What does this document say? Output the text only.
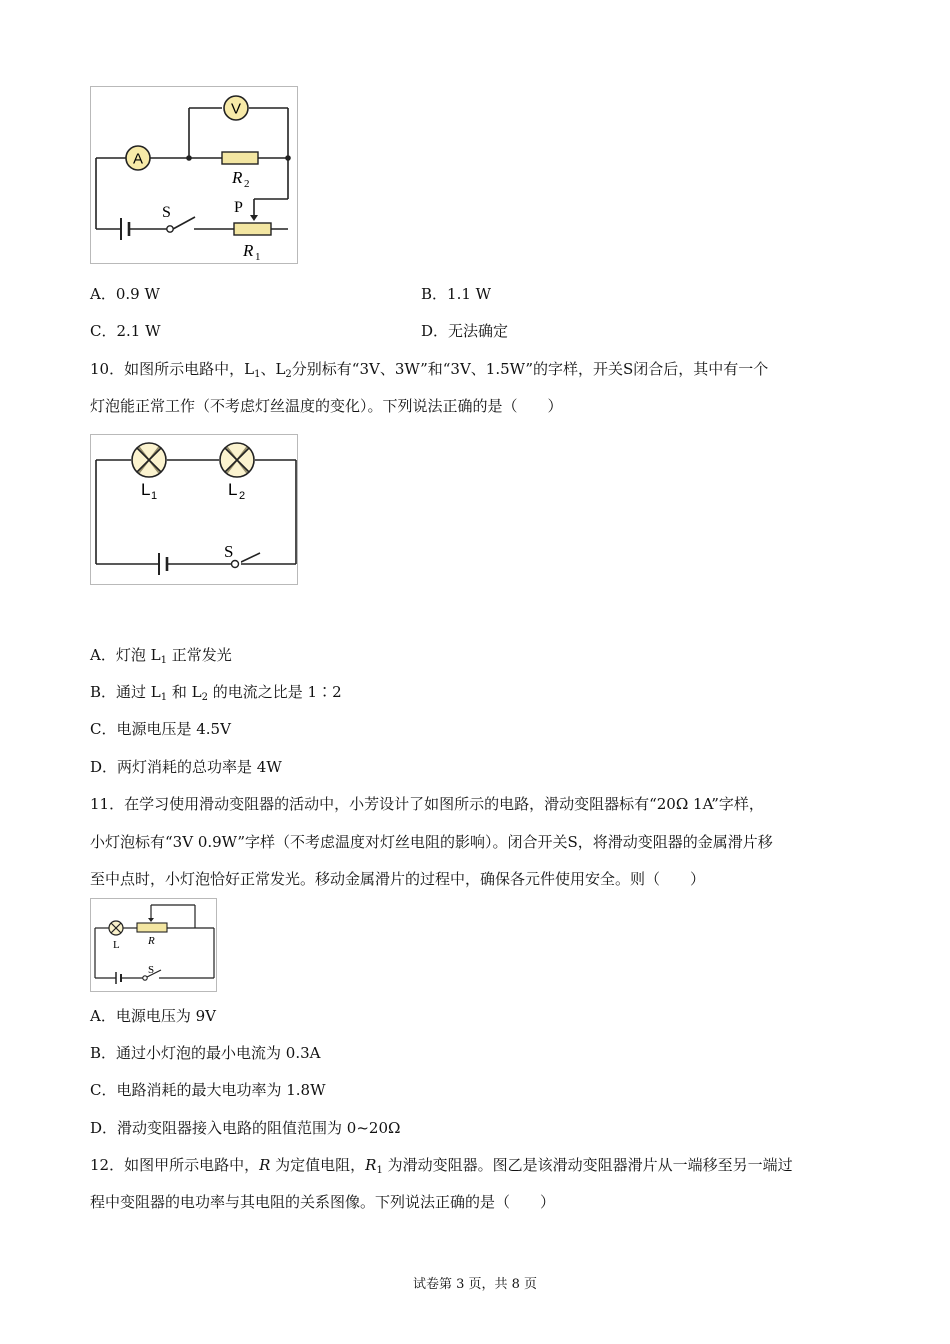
A
V
R 2
R 1
S	P
A．0.9 W	B．1.1 W
C．2.1 W	D．无法确定
10．如图所示电路中，$L_1$、$L_2$分别标有“3V、3W”和“3V、1.5W”的字样，开关S闭合后，其中有一个
灯泡能正常工作（不考虑灯丝温度的变化）。下列说法正确的是（　　）
L 1	L 2
S
A．灯泡 $L_1$ 正常发光
B．通过 $L_1$ 和 $L_2$ 的电流之比是 1∶2
C．电源电压是 4.5V
D．两灯消耗的总功率是 4W
11．在学习使用滑动变阻器的活动中，小芳设计了如图所示的电路，滑动变阻器标有“20Ω 1A”字样，
小灯泡标有“3V 0.9W”字样（不考虑温度对灯丝电阻的影响）。闭合开关S，将滑动变阻器的金属滑片移
至中点时，小灯泡恰好正常发光。移动金属滑片的过程中，确保各元件使用安全。则（　　）
L	R
S
A．电源电压为 9V
B．通过小灯泡的最小电流为 0.3A
C．电路消耗的最大电功率为 1.8W
D．滑动变阻器接入电路的阻值范围为 0~20Ω
12．如图甲所示电路中，R 为定值电阻，$R_1$ 为滑动变阻器。图乙是该滑动变阻器滑片从一端移至另一端过
程中变阻器的电功率与其电阻的关系图像。下列说法正确的是（　　）
试卷第 3 页，共 8 页
